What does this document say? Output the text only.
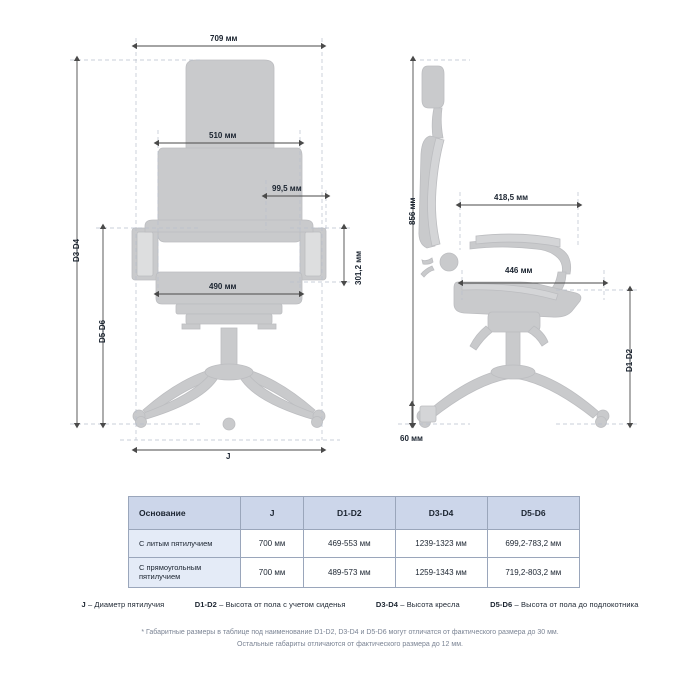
709 мм
510 мм
99,5 мм
490 мм
301,2 мм
D3-D4
D5-D6
J
856 мм
418,5 мм
446 мм
D1-D2
60 мм
Основание	J	D1-D2	D3-D4	D5-D6
С литым пятилучием	700 мм	469-553 мм	1239-1323 мм	699,2-783,2 мм
С прямоугольным пятилучием	700 мм	489-573 мм	1259-1343 мм	719,2-803,2 мм
J – Диаметр пятилучия	D1-D2 – Высота от пола с учетом сиденья	D3-D4 – Высота кресла	D5-D6 – Высота от пола до подлокотника
* Габаритные размеры в таблице под наименование D1-D2, D3-D4 и D5-D6 могут отличатся от фактического размера до 30 мм.
Остальные габариты отличаются от фактического размера до 12 мм.
